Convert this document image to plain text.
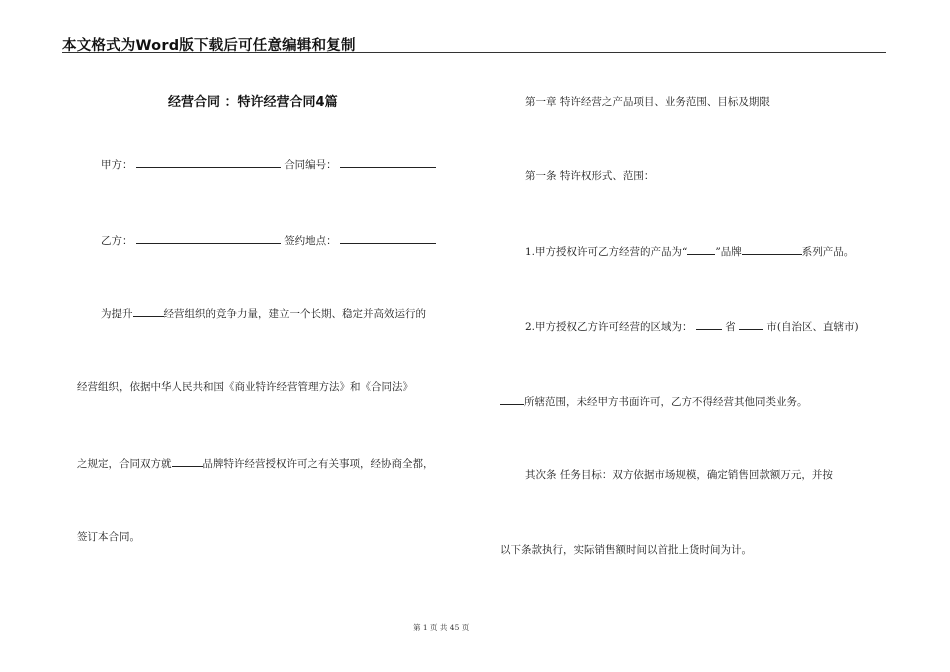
本文格式为Word版下载后可任意编辑和复制
经营合同 ：特许经营合同4篇
甲方：	合同编号：
乙方：	签约地点：
为提升	经营组织的竞争力量，建立一个长期、稳定并高效运行的
经营组织，依据中华人民共和国《商业特许经营管理方法》和《合同法》
之规定，合同双方就	品牌特许经营授权许可之有关事项，经协商全都，
签订本合同。
第一章 特许经营之产品项目、业务范围、目标及期限
第一条 特许权形式、范围：
1.甲方授权许可乙方经营的产品为“	”品牌	系列产品。
2.甲方授权乙方许可经营的区域为：	省	市(自治区、直辖市)
所辖范围，未经甲方书面许可，乙方不得经营其他同类业务。
其次条 任务目标：双方依据市场规模，确定销售回款额万元，并按
以下条款执行，实际销售额时间以首批上货时间为计。
第 1 页 共 45 页
